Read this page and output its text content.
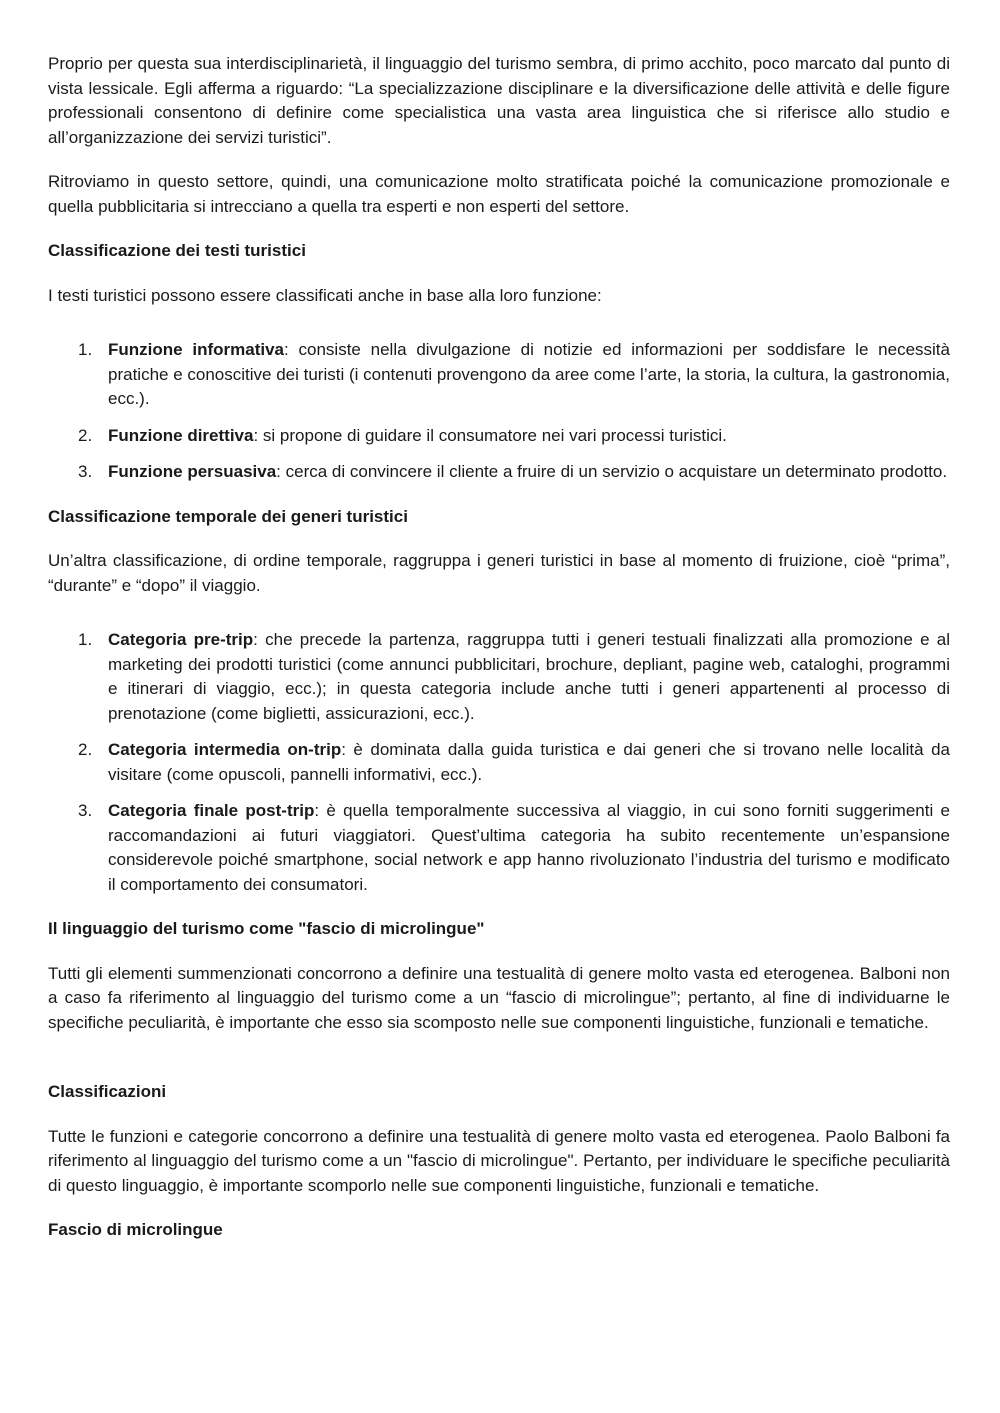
Proprio per questa sua interdisciplinarietà, il linguaggio del turismo sembra, di primo acchito, poco marcato dal punto di vista lessicale. Egli afferma a riguardo: “La specializzazione disciplinare e la diversificazione delle attività e delle figure professionali consentono di definire come specialistica una vasta area linguistica che si riferisce allo studio e all’organizzazione dei servizi turistici”.

Ritroviamo in questo settore, quindi, una comunicazione molto stratificata poiché la comunicazione promozionale e quella pubblicitaria si intrecciano a quella tra esperti e non esperti del settore.

Classificazione dei testi turistici

I testi turistici possono essere classificati anche in base alla loro funzione:

1. Funzione informativa: consiste nella divulgazione di notizie ed informazioni per soddisfare le necessità pratiche e conoscitive dei turisti (i contenuti provengono da aree come l’arte, la storia, la cultura, la gastronomia, ecc.).
2. Funzione direttiva: si propone di guidare il consumatore nei vari processi turistici.
3. Funzione persuasiva: cerca di convincere il cliente a fruire di un servizio o acquistare un determinato prodotto.
Classificazione temporale dei generi turistici

Un’altra classificazione, di ordine temporale, raggruppa i generi turistici in base al momento di fruizione, cioè “prima”, “durante” e “dopo” il viaggio.

1. Categoria pre-trip: che precede la partenza, raggruppa tutti i generi testuali finalizzati alla promozione e al marketing dei prodotti turistici (come annunci pubblicitari, brochure, depliant, pagine web, cataloghi, programmi e itinerari di viaggio, ecc.); in questa categoria include anche tutti i generi appartenenti al processo di prenotazione (come biglietti, assicurazioni, ecc.).
2. Categoria intermedia on-trip: è dominata dalla guida turistica e dai generi che si trovano nelle località da visitare (come opuscoli, pannelli informativi, ecc.).
3. Categoria finale post-trip: è quella temporalmente successiva al viaggio, in cui sono forniti suggerimenti e raccomandazioni ai futuri viaggiatori. Quest’ultima categoria ha subito recentemente un’espansione considerevole poiché smartphone, social network e app hanno rivoluzionato l’industria del turismo e modificato il comportamento dei consumatori.
Il linguaggio del turismo come "fascio di microlingue"

Tutti gli elementi summenzionati concorrono a definire una testualità di genere molto vasta ed eterogenea. Balboni non a caso fa riferimento al linguaggio del turismo come a un “fascio di microlingue”; pertanto, al fine di individuarne le specifiche peculiarità, è importante che esso sia scomposto nelle sue componenti linguistiche, funzionali e tematiche.

Classificazioni

Tutte le funzioni e categorie concorrono a definire una testualità di genere molto vasta ed eterogenea. Paolo Balboni fa riferimento al linguaggio del turismo come a un "fascio di microlingue". Pertanto, per individuare le specifiche peculiarità di questo linguaggio, è importante scomporlo nelle sue componenti linguistiche, funzionali e tematiche.

Fascio di microlingue
